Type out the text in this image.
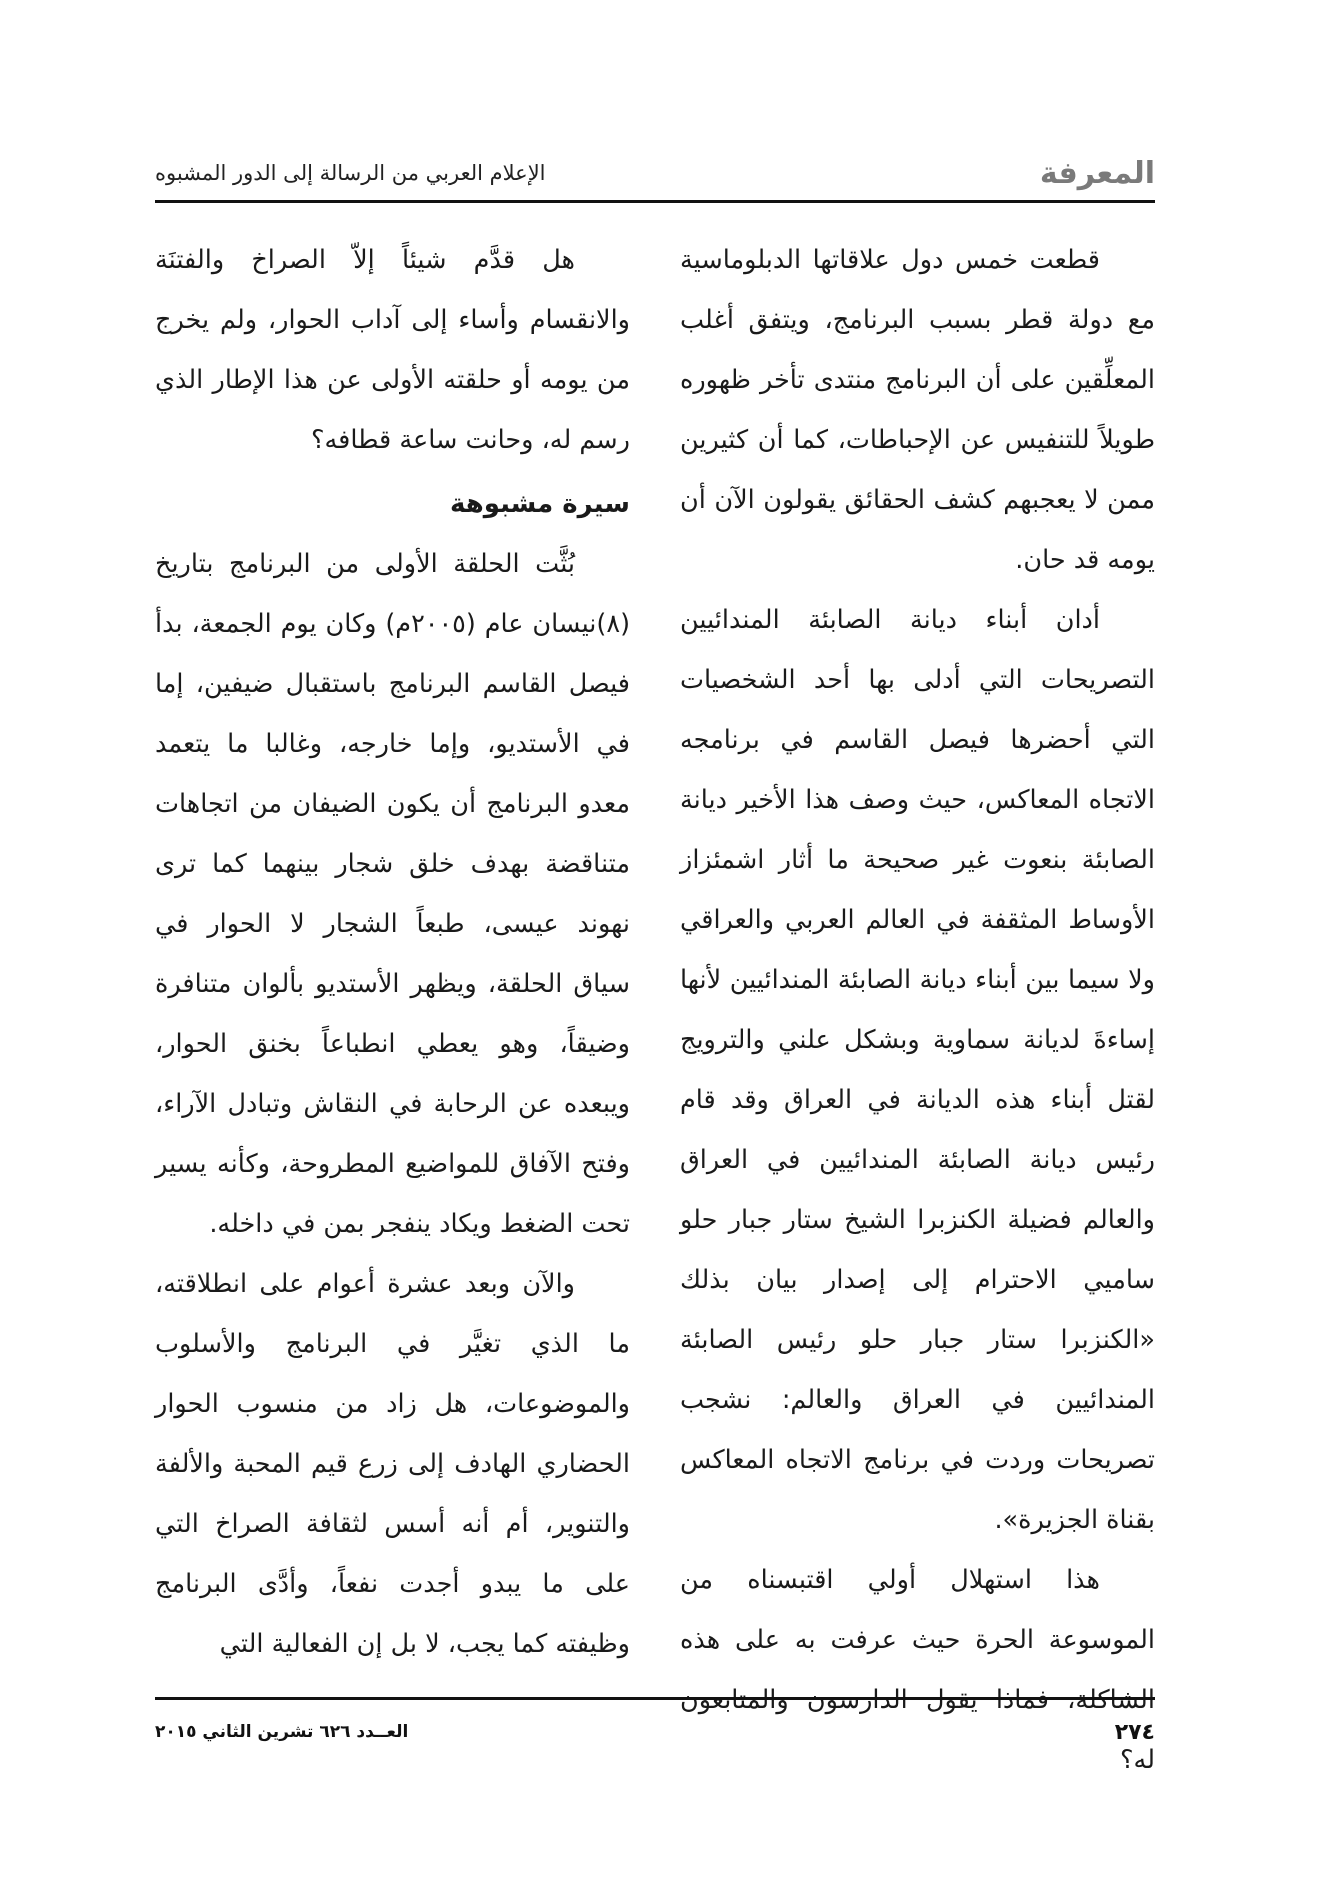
المعرفة
الإعلام العربي من الرسالة إلى الدور المشبوه

قطعت خمس دول علاقاتها الدبلوماسية مع دولة قطر بسبب البرنامج، ويتفق أغلب المعلِّقين على أن البرنامج منتدى تأخر ظهوره طويلاً للتنفيس عن الإحباطات، كما أن كثيرين ممن لا يعجبهم كشف الحقائق يقولون الآن أن يومه قد حان.

أدان أبناء ديانة الصابئة المندائيين التصريحات التي أدلى بها أحد الشخصيات التي أحضرها فيصل القاسم في برنامجه الاتجاه المعاكس، حيث وصف هذا الأخير ديانة الصابئة بنعوت غير صحيحة ما أثار اشمئزاز الأوساط المثقفة في العالم العربي والعراقي ولا سيما بين أبناء ديانة الصابئة المندائيين لأنها إساءةَ لديانة سماوية وبشكل علني والترويج لقتل أبناء هذه الديانة في العراق وقد قام رئيس ديانة الصابئة المندائيين في العراق والعالم فضيلة الكنزبرا الشيخ ستار جبار حلو ساميي الاحترام إلى إصدار بيان بذلك «الكنزبرا ستار جبار حلو رئيس الصابئة المندائيين في العراق والعالم: نشجب تصريحات وردت في برنامج الاتجاه المعاكس بقناة الجزيرة».

هذا استهلال أولي اقتبسناه من الموسوعة الحرة حيث عرفت به على هذه الشاكلة، فماذا يقول الدارسون والمتابعون له؟

هل قدَّم شيئاً إلاّ الصراخ والفتنَة والانقسام وأساء إلى آداب الحوار، ولم يخرج من يومه أو حلقته الأولى عن هذا الإطار الذي رسم له، وحانت ساعة قطافه؟

سيرة مشبوهة

بُثَّت الحلقة الأولى من البرنامج بتاريخ (٨)نيسان عام (٢٠٠٥م) وكان يوم الجمعة، بدأ فيصل القاسم البرنامج باستقبال ضيفين، إما في الأستديو، وإما خارجه، وغالبا ما يتعمد معدو البرنامج أن يكون الضيفان من اتجاهات متناقضة بهدف خلق شجار بينهما كما ترى نهوند عيسى، طبعاً الشجار لا الحوار في سياق الحلقة، ويظهر الأستديو بألوان متنافرة وضيقاً، وهو يعطي انطباعاً بخنق الحوار، ويبعده عن الرحابة في النقاش وتبادل الآراء، وفتح الآفاق للمواضيع المطروحة، وكأنه يسير تحت الضغط ويكاد ينفجر بمن في داخله.

والآن وبعد عشرة أعوام على انطلاقته، ما الذي تغيَّر في البرنامج والأسلوب والموضوعات، هل زاد من منسوب الحوار الحضاري الهادف إلى زرع قيم المحبة والألفة والتنوير، أم أنه أسس لثقافة الصراخ التي على ما يبدو أجدت نفعاً، وأدَّى البرنامج وظيفته كما يجب، لا بل إن الفعالية التي

٢٧٤
العــدد ٦٢٦ تشرين الثاني ٢٠١٥
